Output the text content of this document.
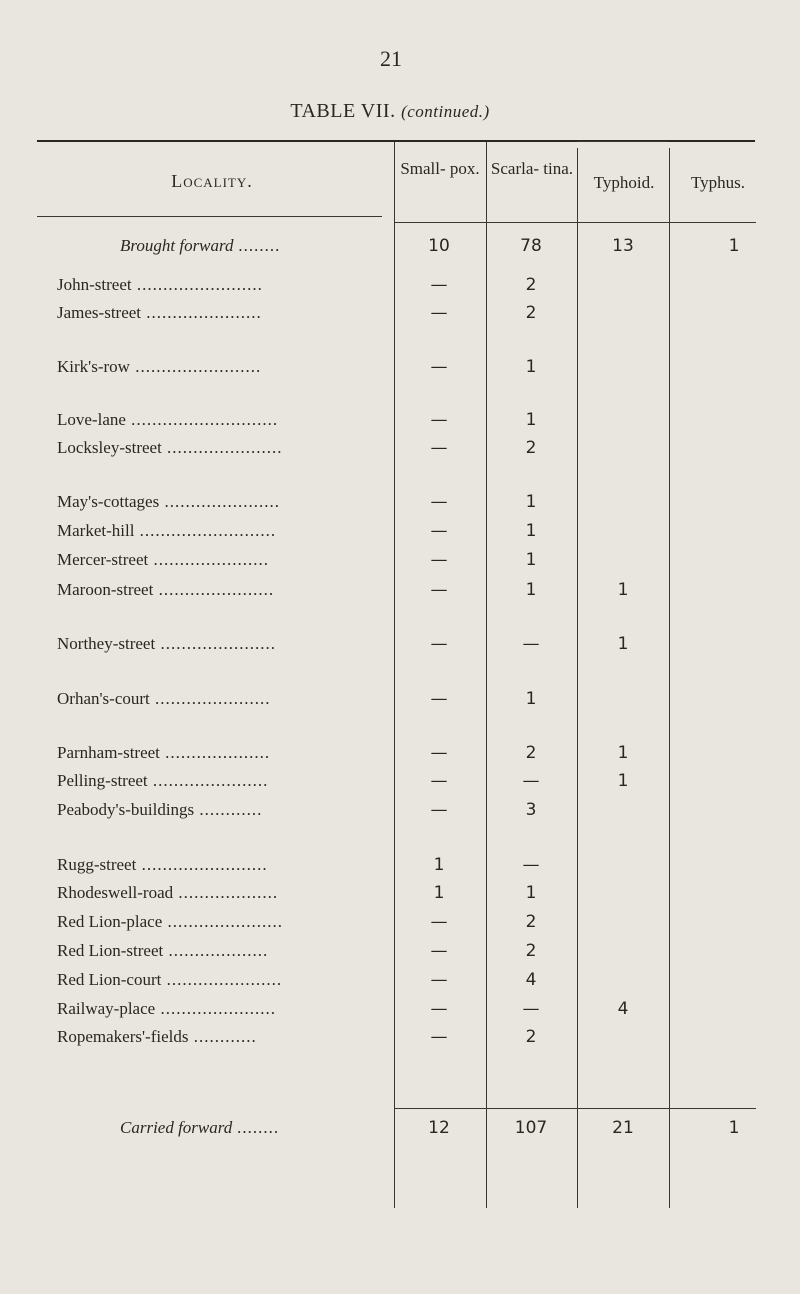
21
TABLE VII. (continued.)
Locality.
Small- pox. Scarla- tina.
Typhoid.	Typhus.
Brought forward ........	10	78	13	1
John-street ........................	—	2
James-street ......................	—	2
Kirk's-row ........................	—	1
Love-lane ............................	—	1
Locksley-street ......................	—	2
May's-cottages ......................	—	1
Market-hill ..........................	—	1
Mercer-street ......................	—	1
Maroon-street ......................	—	1	1
Northey-street ......................	—	—	1
Orhan's-court ......................	—	1
Parnham-street ....................	—	2	1
Pelling-street ......................	—	—	1
Peabody's-buildings ............	—	3
Rugg-street ........................	1	—
Rhodeswell-road ...................	1	1
Red Lion-place ......................	—	2
Red Lion-street ...................	—	2
Red Lion-court ......................	—	4
Railway-place ......................	—	—	4
Ropemakers'-fields ............	—	2
Carried forward ........	12	107	21	1
